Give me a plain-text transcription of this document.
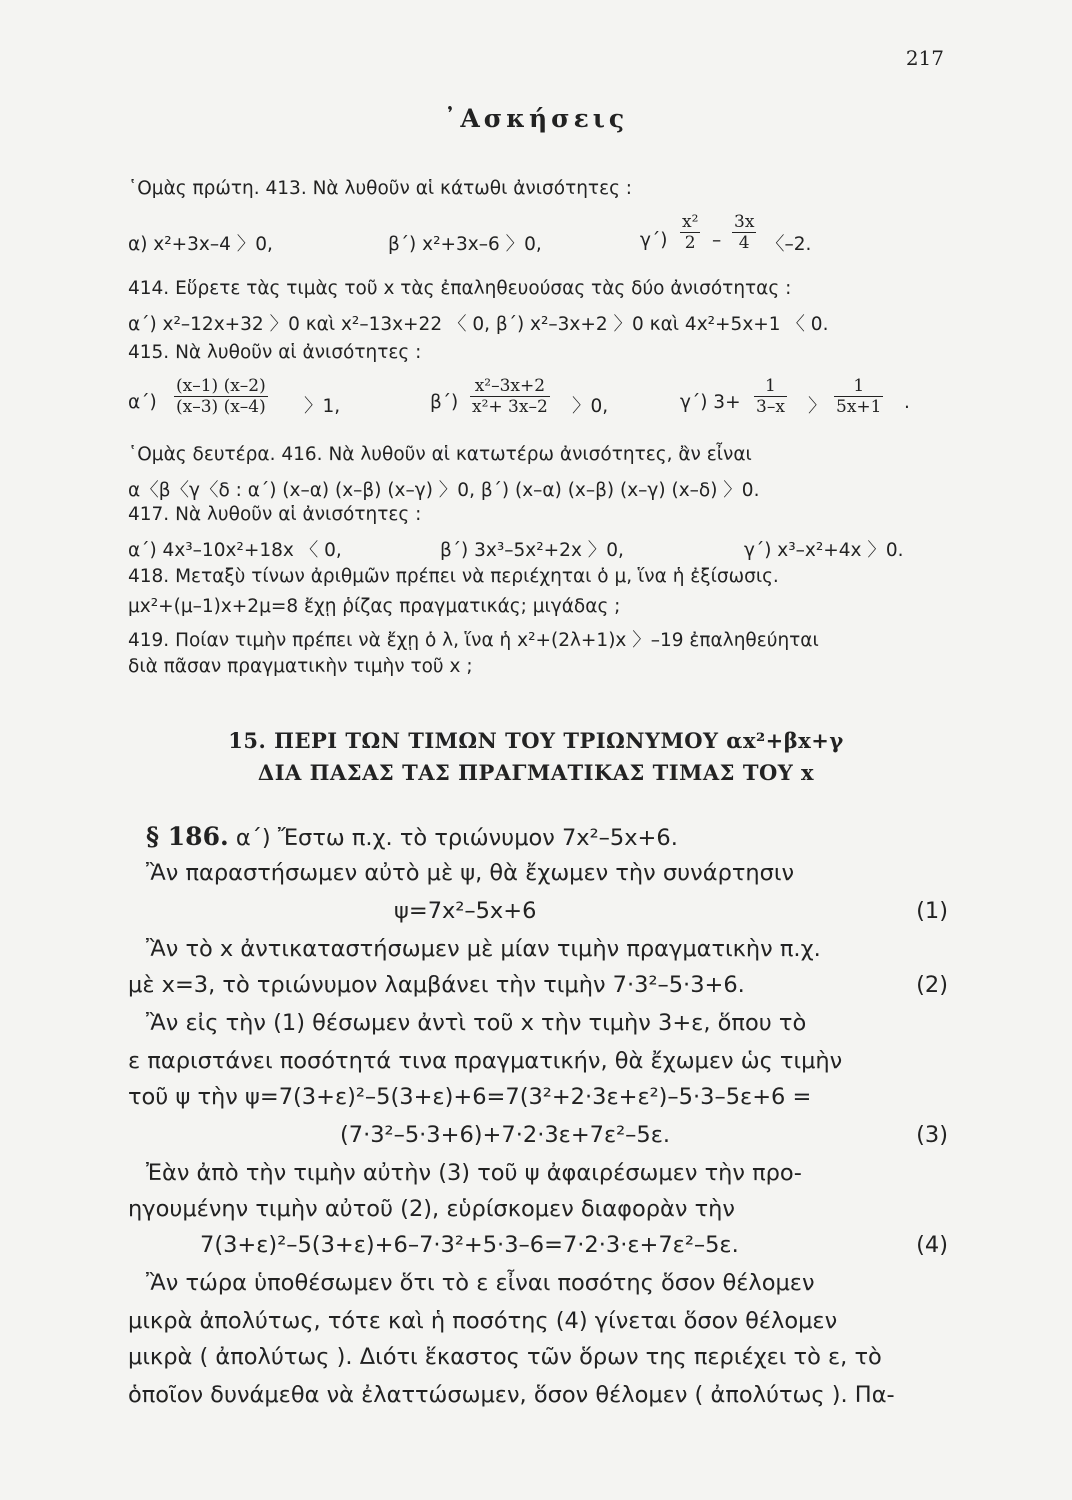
217
᾿Ασκήσεις
῾Ομὰς πρώτη. 413. Νὰ λυθοῦν αἱ κάτωθι ἀνισότητες :
α) x²+3x–4 〉0,	β΄) x²+3x–6 〉0,	$\gamma΄) \frac{\text{x²}}{2} - \frac{3x}{4}$ 〈–2.
414. Εὕρετε τὰς τιμὰς τοῦ x τὰς ἐπαληθευούσας τὰς δύο ἀνισότητας :
α΄) x²–12x+32 〉0 καὶ x²–13x+22 〈 0, β΄) x²–3x+2 〉0 καὶ 4x²+5x+1 〈 0.
415. Νὰ λυθοῦν αἱ ἀνισότητες :
$\alpha΄) \frac{(x-1) (x-2)}{(x-3) (x-4)}$ 〉1,	$\beta΄) \frac{\text{x²–3x+2}}{\text{x²+ 3x–2}}$ 〉0,	γ΄) $3+ \frac{1}{3-x}$ 〉 $\frac{1}{5x+1}$ .
῾Ομὰς δευτέρα. 416. Νὰ λυθοῦν αἱ κατωτέρω ἀνισότητες, ἂν εἶναι
α〈β〈γ〈δ : α΄) (x–α) (x–β) (x–γ) 〉0, β΄) (x–α) (x–β) (x–γ) (x–δ) 〉0.
417. Νὰ λυθοῦν αἱ ἀνισότητες :
α΄) 4x³–10x²+18x 〈 0,	β΄) 3x³–5x²+2x 〉0,	γ΄) x³–x²+4x 〉0.
418. Μεταξὺ τίνων ἀριθμῶν πρέπει νὰ περιέχηται ὁ μ, ἵνα ἡ ἐξίσωσις.
μx²+(μ–1)x+2μ=8 ἔχῃ ῥίζας πραγματικάς; μιγάδας ;
419. Ποίαν τιμὴν πρέπει νὰ ἔχῃ ὁ λ, ἵνα ἡ x²+(2λ+1)x 〉–19 ἐπαληθεύηται
διὰ πᾶσαν πραγματικὴν τιμὴν τοῦ x ;
15. ΠΕΡΙ ΤΩΝ ΤΙΜΩΝ ΤΟΥ ΤΡΙΩΝΥΜΟΥ αx²+βx+γ
ΔΙΑ ΠΑΣΑΣ ΤΑΣ ΠΡΑΓΜΑΤΙΚΑΣ ΤΙΜΑΣ ΤΟΥ x
§ 186. α΄) Ἔστω π.χ. τὸ τριώνυμον 7x²–5x+6.
Ἂν παραστήσωμεν αὐτὸ μὲ ψ, θὰ ἔχωμεν τὴν συνάρτησιν
ψ=7x²–5x+6	(1)
Ἂν τὸ x ἀντικαταστήσωμεν μὲ μίαν τιμὴν πραγματικὴν π.χ.
μὲ x=3, τὸ τριώνυμον λαμβάνει τὴν τιμὴν 7·3²–5·3+6.	(2)
Ἂν εἰς τὴν (1) θέσωμεν ἀντὶ τοῦ x τὴν τιμὴν 3+ε, ὅπου τὸ
ε παριστάνει ποσότητά τινα πραγματικήν, θὰ ἔχωμεν ὡς τιμὴν
τοῦ ψ τὴν ψ=7(3+ε)²–5(3+ε)+6=7(3²+2·3ε+ε²)–5·3–5ε+6 =
(7·3²–5·3+6)+7·2·3ε+7ε²–5ε.	(3)
Ἐὰν ἀπὸ τὴν τιμὴν αὐτὴν (3) τοῦ ψ ἀφαιρέσωμεν τὴν προ-
ηγουμένην τιμὴν αὐτοῦ (2), εὑρίσκομεν διαφορὰν τὴν
7(3+ε)²–5(3+ε)+6–7·3²+5·3–6=7·2·3·ε+7ε²–5ε.	(4)
Ἂν τώρα ὑποθέσωμεν ὅτι τὸ ε εἶναι ποσότης ὅσον θέλομεν
μικρὰ ἀπολύτως, τότε καὶ ἡ ποσότης (4) γίνεται ὅσον θέλομεν
μικρὰ ( ἀπολύτως ). Διότι ἕκαστος τῶν ὅρων της περιέχει τὸ ε, τὸ
ὁποῖον δυνάμεθα νὰ ἐλαττώσωμεν, ὅσον θέλομεν ( ἀπολύτως ). Πα-
